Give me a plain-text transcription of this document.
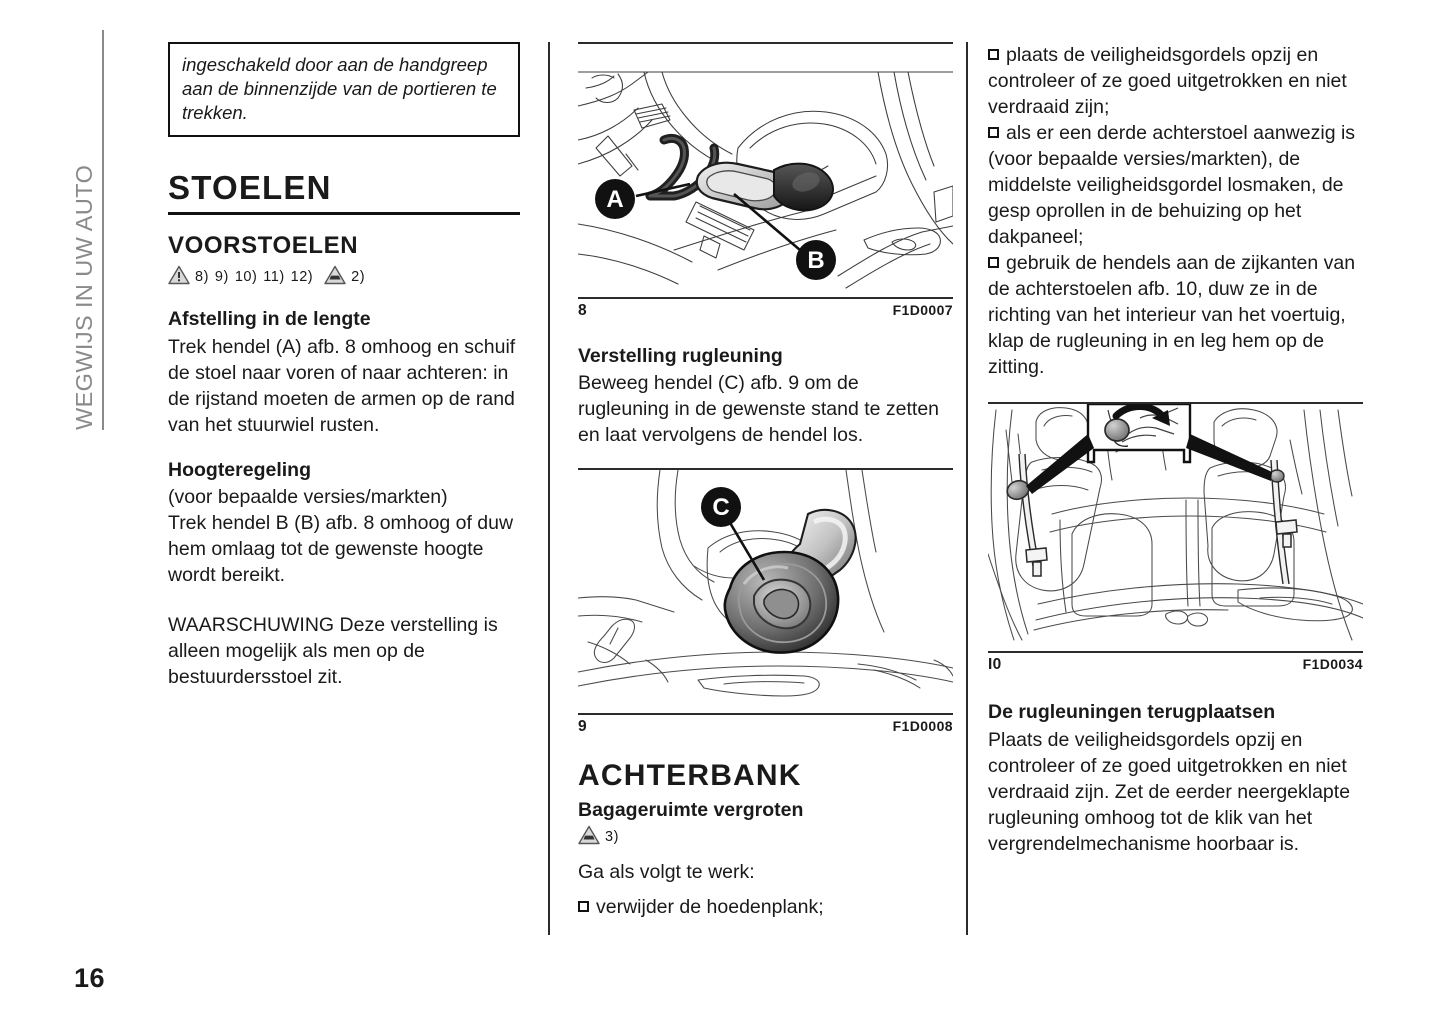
WEGWIJS IN UW AUTO
ingeschakeld door aan de handgreep aan de binnenzijde van de portieren te trekken.
STOELEN
VOORSTOELEN
8) 9) 10) 11) 12)	2)
Afstelling in de lengte

Trek hendel (A) afb. 8 omhoog en schuif de stoel naar voren of naar achteren: in de rijstand moeten de armen op de rand van het stuurwiel rusten.

Hoogteregeling

(voor bepaalde versies/markten)

Trek hendel B (B) afb. 8 omhoog of duw hem omlaag tot de gewenste hoogte wordt bereikt.

WAARSCHUWING Deze verstelling is alleen mogelijk als men op de bestuurdersstoel zit.

A
B
8	F1D0007
Verstelling rugleuning

Beweeg hendel (C) afb. 9 om de rugleuning in de gewenste stand te zetten en laat vervolgens de hendel los.

C
9	F1D0008
ACHTERBANK
Bagageruimte vergroten
3)

Ga als volgt te werk:

verwijder de hoedenplank;
plaats de veiligheidsgordels opzij en controleer of ze goed uitgetrokken en niet verdraaid zijn;
als er een derde achterstoel aanwezig is (voor bepaalde versies/markten), de middelste veiligheidsgordel losmaken, de gesp oprollen in de behuizing op het dakpaneel;
gebruik de hendels aan de zijkanten van de achterstoelen afb. 10, duw ze in de richting van het interieur van het voertuig, klap de rugleuning in en leg hem op de zitting.
I0	F1D0034
De rugleuningen terugplaatsen

Plaats de veiligheidsgordels opzij en controleer of ze goed uitgetrokken en niet verdraaid zijn. Zet de eerder neergeklapte rugleuning omhoog tot de klik van het vergrendelmechanisme hoorbaar is.

16
